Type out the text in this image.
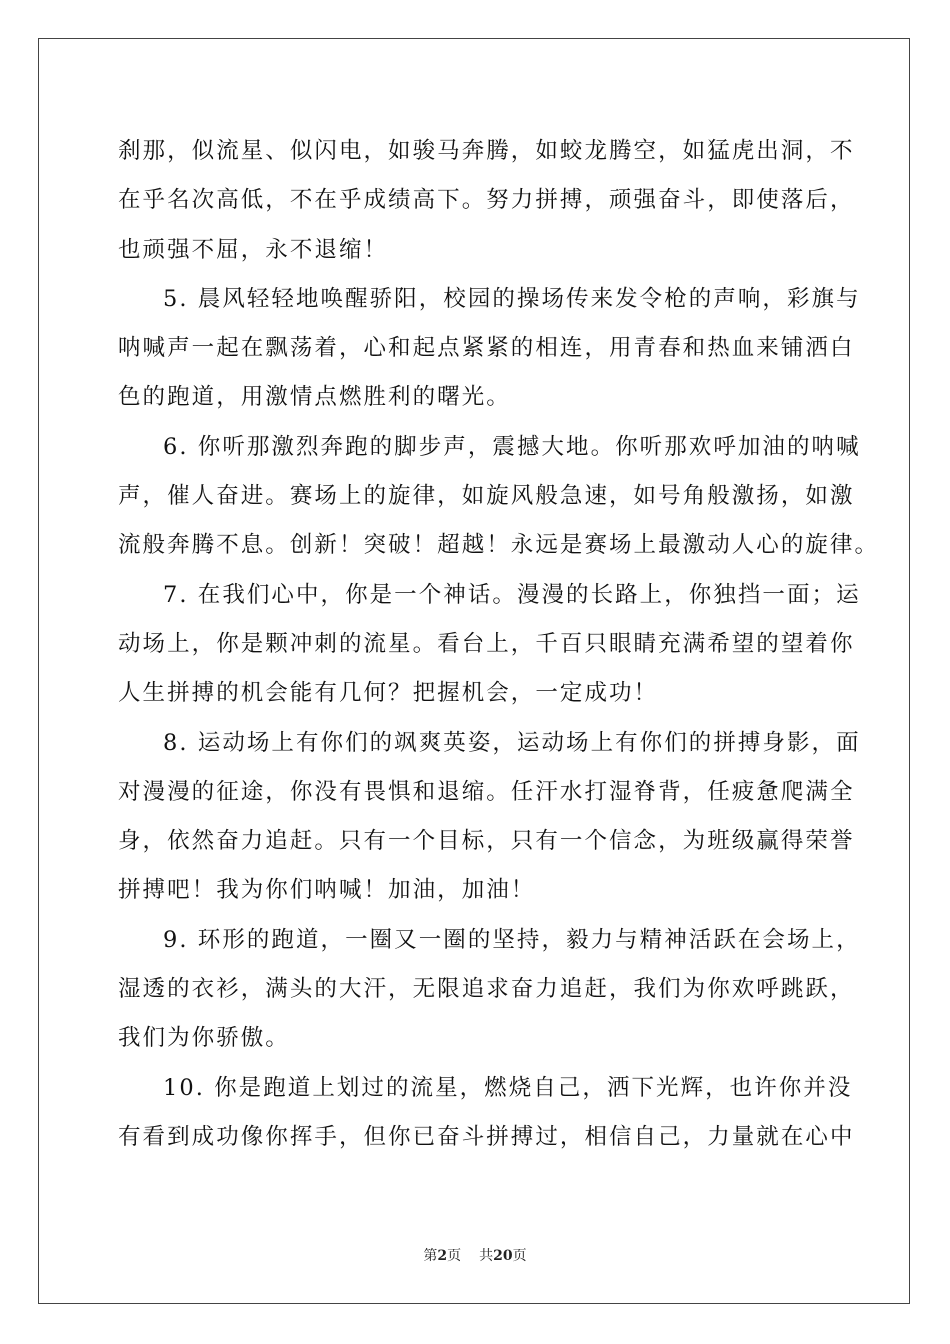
刹那，似流星、似闪电，如骏马奔腾，如蛟龙腾空，如猛虎出洞，不
在乎名次高低，不在乎成绩高下。努力拼搏，顽强奋斗，即使落后，
也顽强不屈，永不退缩！
5. 晨风轻轻地唤醒骄阳，校园的操场传来发令枪的声响，彩旗与
呐喊声一起在飘荡着，心和起点紧紧的相连，用青春和热血来铺洒白
色的跑道，用激情点燃胜利的曙光。
6. 你听那激烈奔跑的脚步声，震撼大地。你听那欢呼加油的呐喊
声，催人奋进。赛场上的旋律，如旋风般急速，如号角般激扬，如激
流般奔腾不息。创新！突破！超越！永远是赛场上最激动人心的旋律。
7. 在我们心中，你是一个神话。漫漫的长路上，你独挡一面；运
动场上，你是颗冲刺的流星。看台上，千百只眼睛充满希望的望着你
人生拼搏的机会能有几何？把握机会，一定成功！
8. 运动场上有你们的飒爽英姿，运动场上有你们的拼搏身影，面
对漫漫的征途，你没有畏惧和退缩。任汗水打湿脊背，任疲惫爬满全
身，依然奋力追赶。只有一个目标，只有一个信念，为班级赢得荣誉
拼搏吧！我为你们呐喊！加油，加油！
9. 环形的跑道，一圈又一圈的坚持，毅力与精神活跃在会场上，
湿透的衣衫，满头的大汗，无限追求奋力追赶，我们为你欢呼跳跃，
我们为你骄傲。
10. 你是跑道上划过的流星，燃烧自己，洒下光辉，也许你并没
有看到成功像你挥手，但你已奋斗拼搏过，相信自己，力量就在心中
第2页 共20页
